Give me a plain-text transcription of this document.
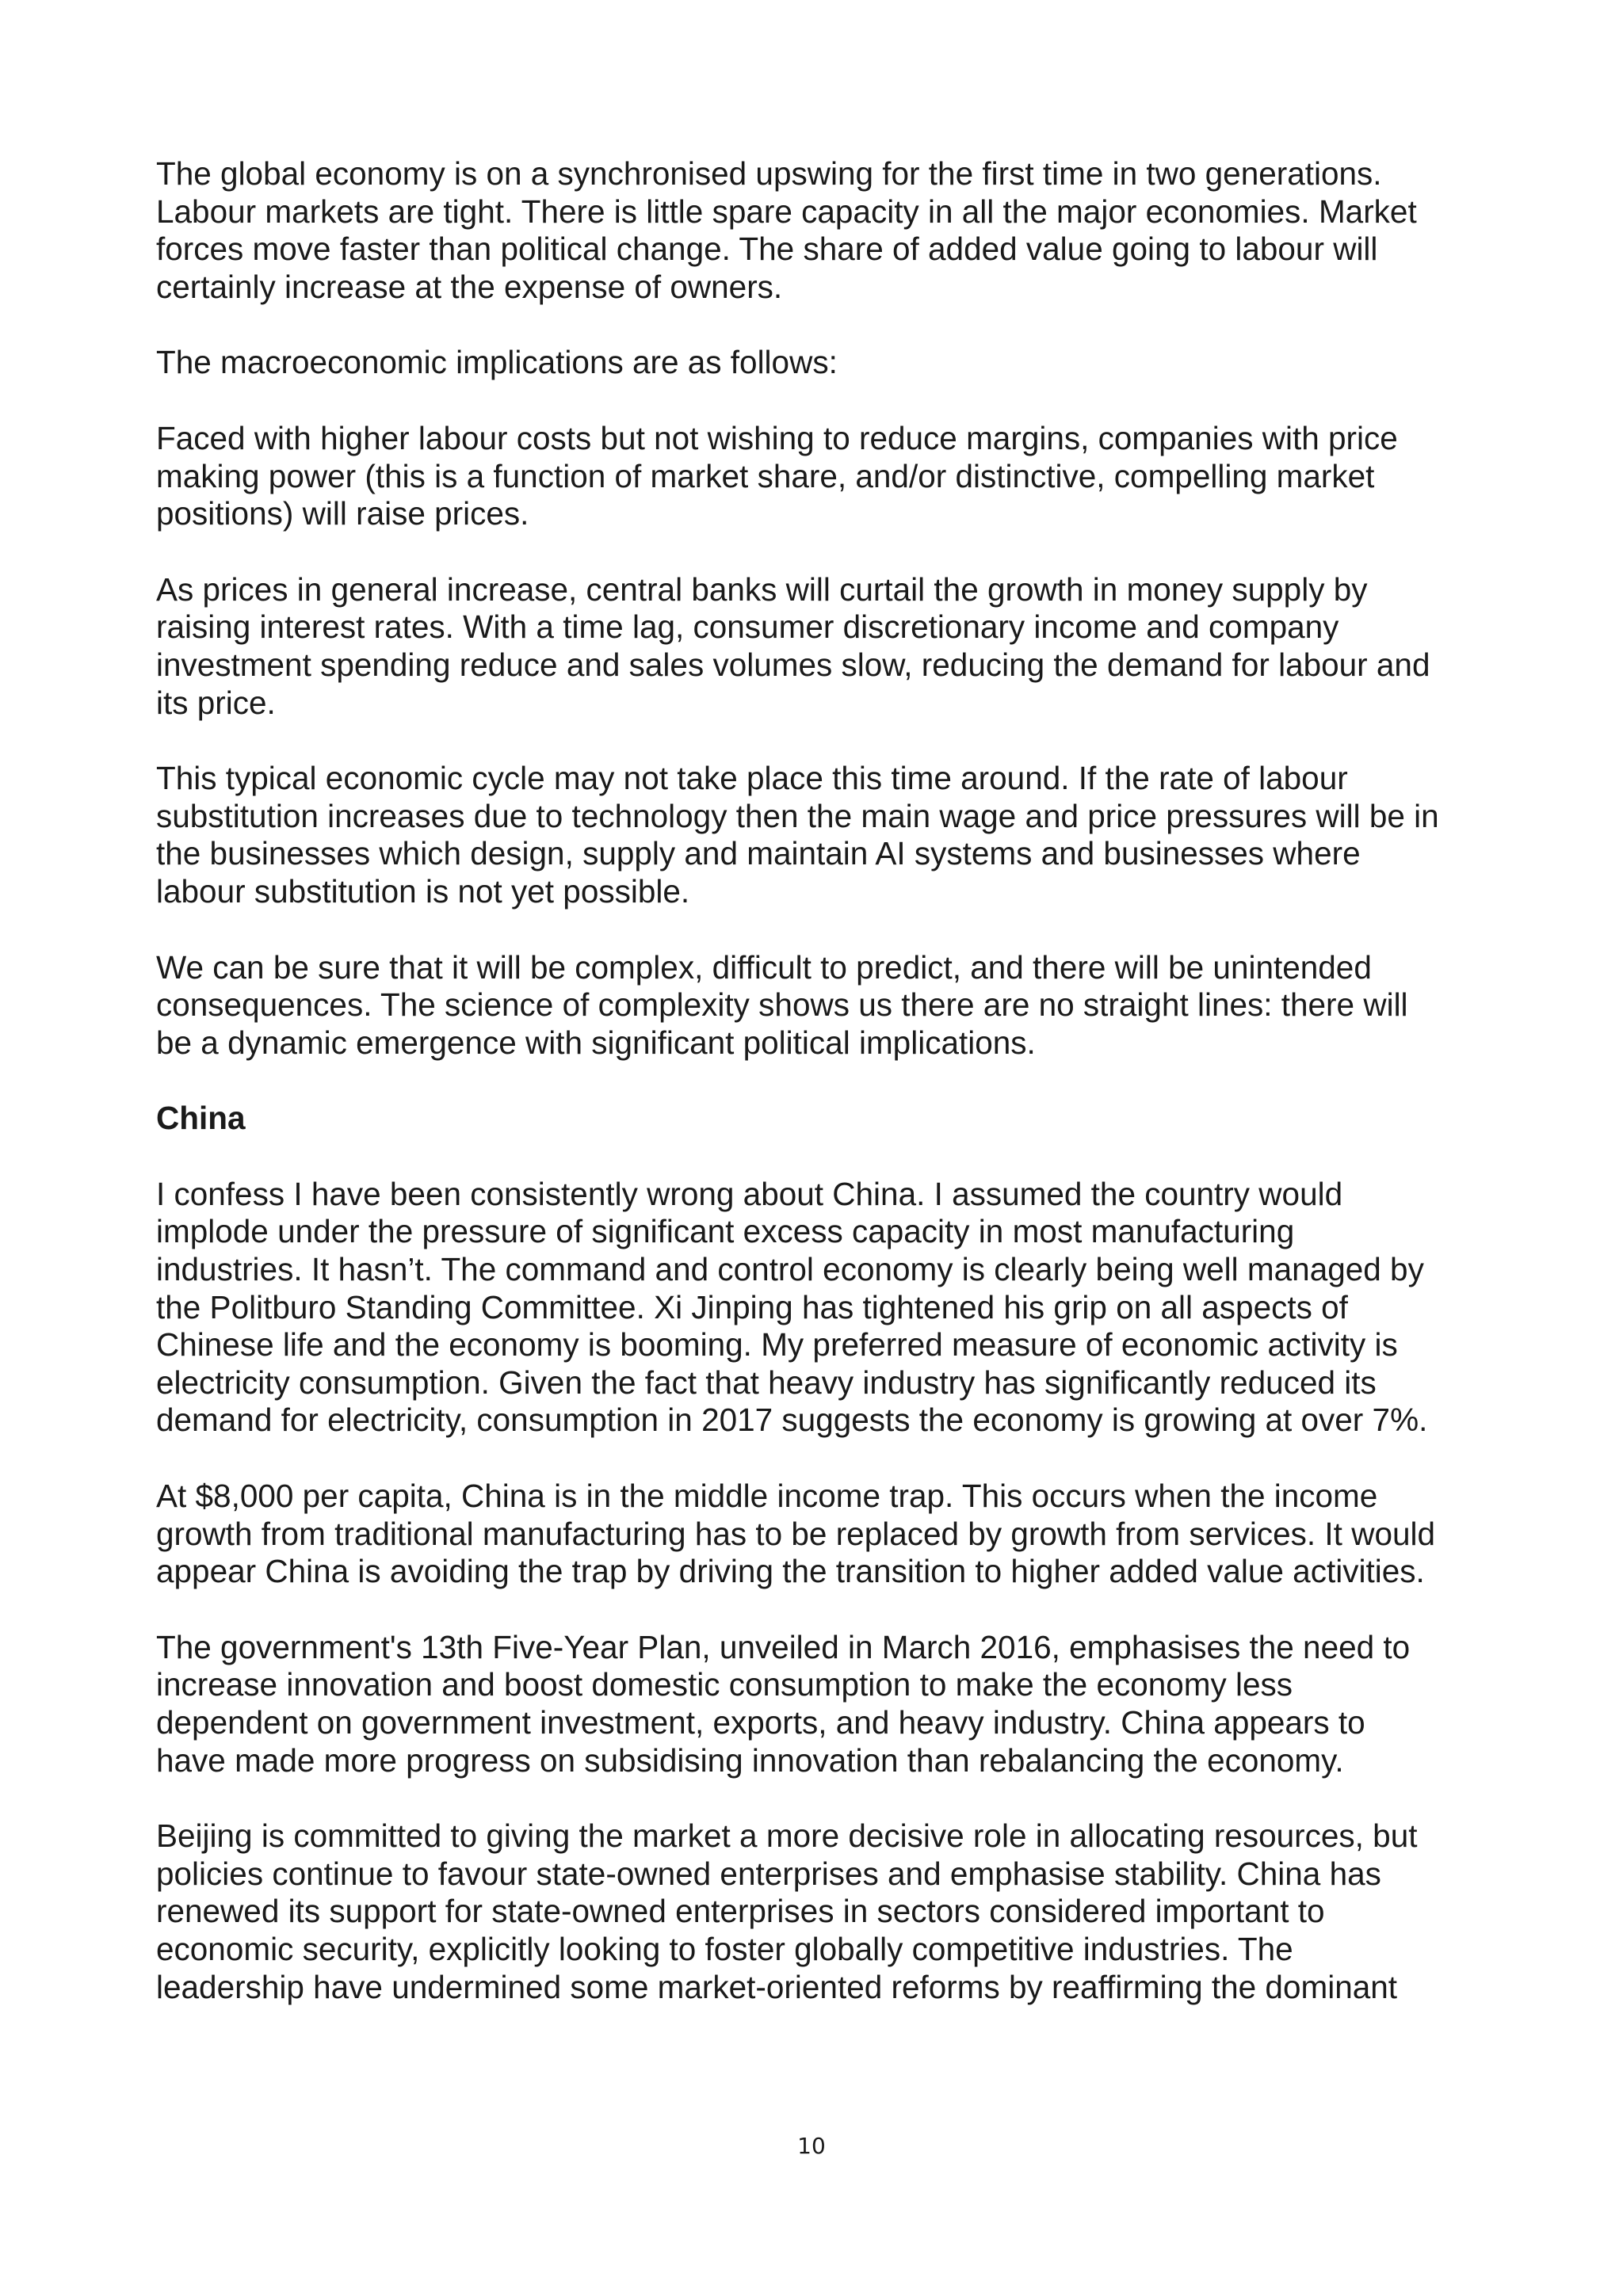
The global economy is on a synchronised upswing for the first time in two generations.
Labour markets are tight. There is little spare capacity in all the major economies. Market
forces move faster than political change. The share of added value going to labour will
certainly increase at the expense of owners.

The macroeconomic implications are as follows:

Faced with higher labour costs but not wishing to reduce margins, companies with price
making power (this is a function of market share, and/or distinctive, compelling market
positions) will raise prices.

As prices in general increase, central banks will curtail the growth in money supply by
raising interest rates. With a time lag, consumer discretionary income and company
investment spending reduce and sales volumes slow, reducing the demand for labour and
its price.

This typical economic cycle may not take place this time around. If the rate of labour
substitution increases due to technology then the main wage and price pressures will be in
the businesses which design, supply and maintain AI systems and businesses where
labour substitution is not yet possible.

We can be sure that it will be complex, difficult to predict, and there will be unintended
consequences. The science of complexity shows us there are no straight lines: there will
be a dynamic emergence with significant political implications.

China

I confess I have been consistently wrong about China. I assumed the country would
implode under the pressure of significant excess capacity in most manufacturing
industries. It hasn’t. The command and control economy is clearly being well managed by
the Politburo Standing Committee. Xi Jinping has tightened his grip on all aspects of
Chinese life and the economy is booming. My preferred measure of economic activity is
electricity consumption. Given the fact that heavy industry has significantly reduced its
demand for electricity, consumption in 2017 suggests the economy is growing at over 7%.

At $8,000 per capita, China is in the middle income trap. This occurs when the income
growth from traditional manufacturing has to be replaced by growth from services. It would
appear China is avoiding the trap by driving the transition to higher added value activities.

The government's 13th Five-Year Plan, unveiled in March 2016, emphasises the need to
increase innovation and boost domestic consumption to make the economy less
dependent on government investment, exports, and heavy industry. China appears to
have made more progress on subsidising innovation than rebalancing the economy.

Beijing is committed to giving the market a more decisive role in allocating resources, but
policies continue to favour state-owned enterprises and emphasise stability. China has
renewed its support for state-owned enterprises in sectors considered important to
economic security, explicitly looking to foster globally competitive industries. The
leadership have undermined some market-oriented reforms by reaffirming the dominant

10
